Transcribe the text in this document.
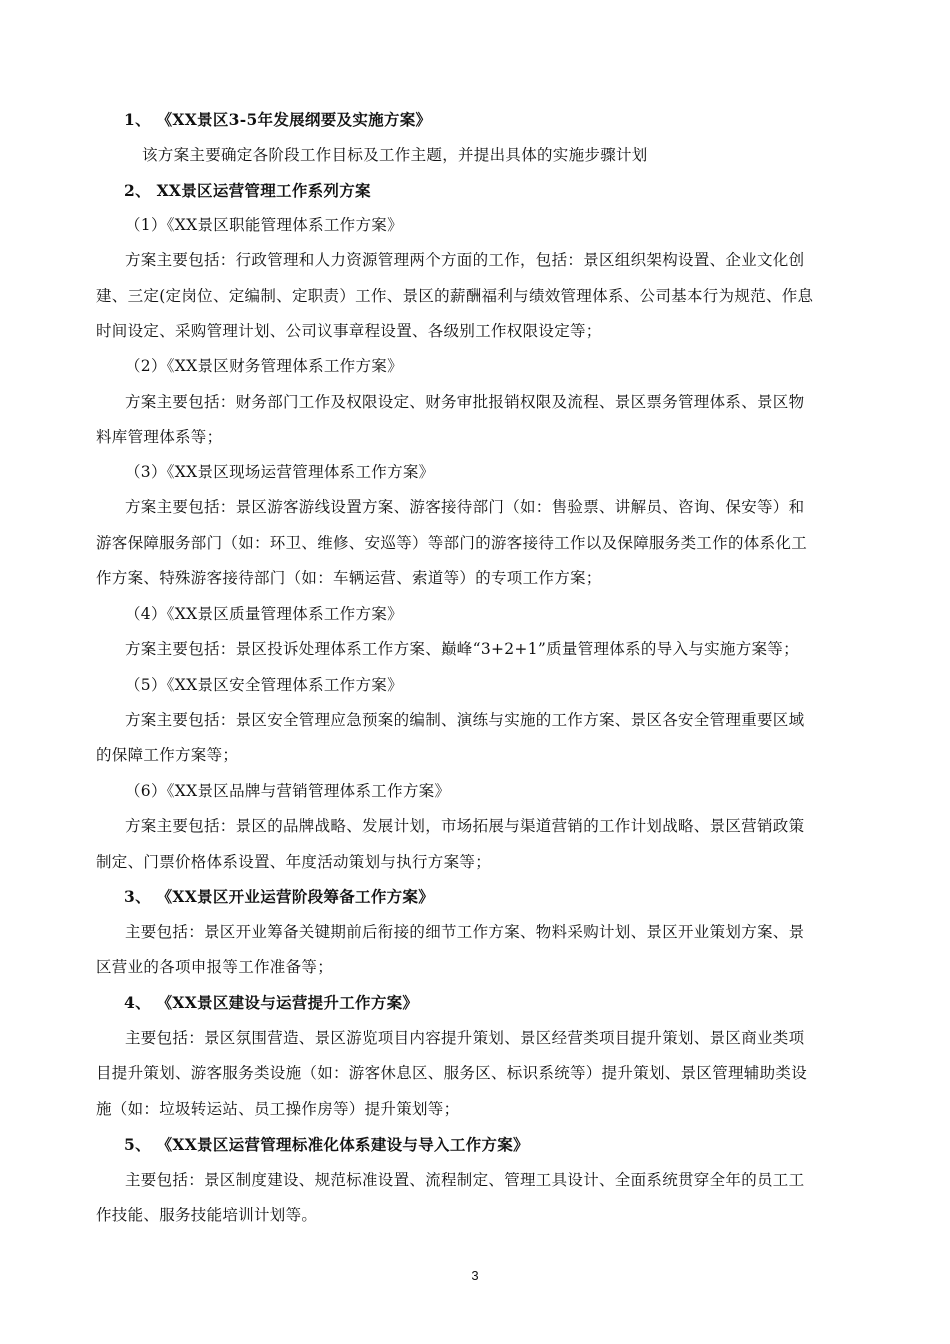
1、 《XX景区3-5年发展纲要及实施方案》
该方案主要确定各阶段工作目标及工作主题，并提出具体的实施步骤计划
2、 XX景区运营管理工作系列方案
（1）《XX景区职能管理体系工作方案》
方案主要包括：行政管理和人力资源管理两个方面的工作，包括：景区组织架构设置、企业文化创
建、三定(定岗位、定编制、定职责）工作、景区的薪酬福利与绩效管理体系、公司基本行为规范、作息
时间设定、采购管理计划、公司议事章程设置、各级别工作权限设定等；
（2）《XX景区财务管理体系工作方案》
方案主要包括：财务部门工作及权限设定、财务审批报销权限及流程、景区票务管理体系、景区物
料库管理体系等；
（3）《XX景区现场运营管理体系工作方案》
方案主要包括：景区游客游线设置方案、游客接待部门（如：售验票、讲解员、咨询、保安等）和
游客保障服务部门（如：环卫、维修、安巡等）等部门的游客接待工作以及保障服务类工作的体系化工
作方案、特殊游客接待部门（如：车辆运营、索道等）的专项工作方案；
（4）《XX景区质量管理体系工作方案》
方案主要包括：景区投诉处理体系工作方案、巅峰“3+2+1”质量管理体系的导入与实施方案等；
（5）《XX景区安全管理体系工作方案》
方案主要包括：景区安全管理应急预案的编制、演练与实施的工作方案、景区各安全管理重要区域
的保障工作方案等；
（6）《XX景区品牌与营销管理体系工作方案》
方案主要包括：景区的品牌战略、发展计划，市场拓展与渠道营销的工作计划战略、景区营销政策
制定、门票价格体系设置、年度活动策划与执行方案等；
3、 《XX景区开业运营阶段筹备工作方案》
主要包括：景区开业筹备关键期前后衔接的细节工作方案、物料采购计划、景区开业策划方案、景
区营业的各项申报等工作准备等；
4、 《XX景区建设与运营提升工作方案》
主要包括：景区氛围营造、景区游览项目内容提升策划、景区经营类项目提升策划、景区商业类项
目提升策划、游客服务类设施（如：游客休息区、服务区、标识系统等）提升策划、景区管理辅助类设
施（如：垃圾转运站、员工操作房等）提升策划等；
5、 《XX景区运营管理标准化体系建设与导入工作方案》
主要包括：景区制度建设、规范标准设置、流程制定、管理工具设计、全面系统贯穿全年的员工工
作技能、服务技能培训计划等。
3
